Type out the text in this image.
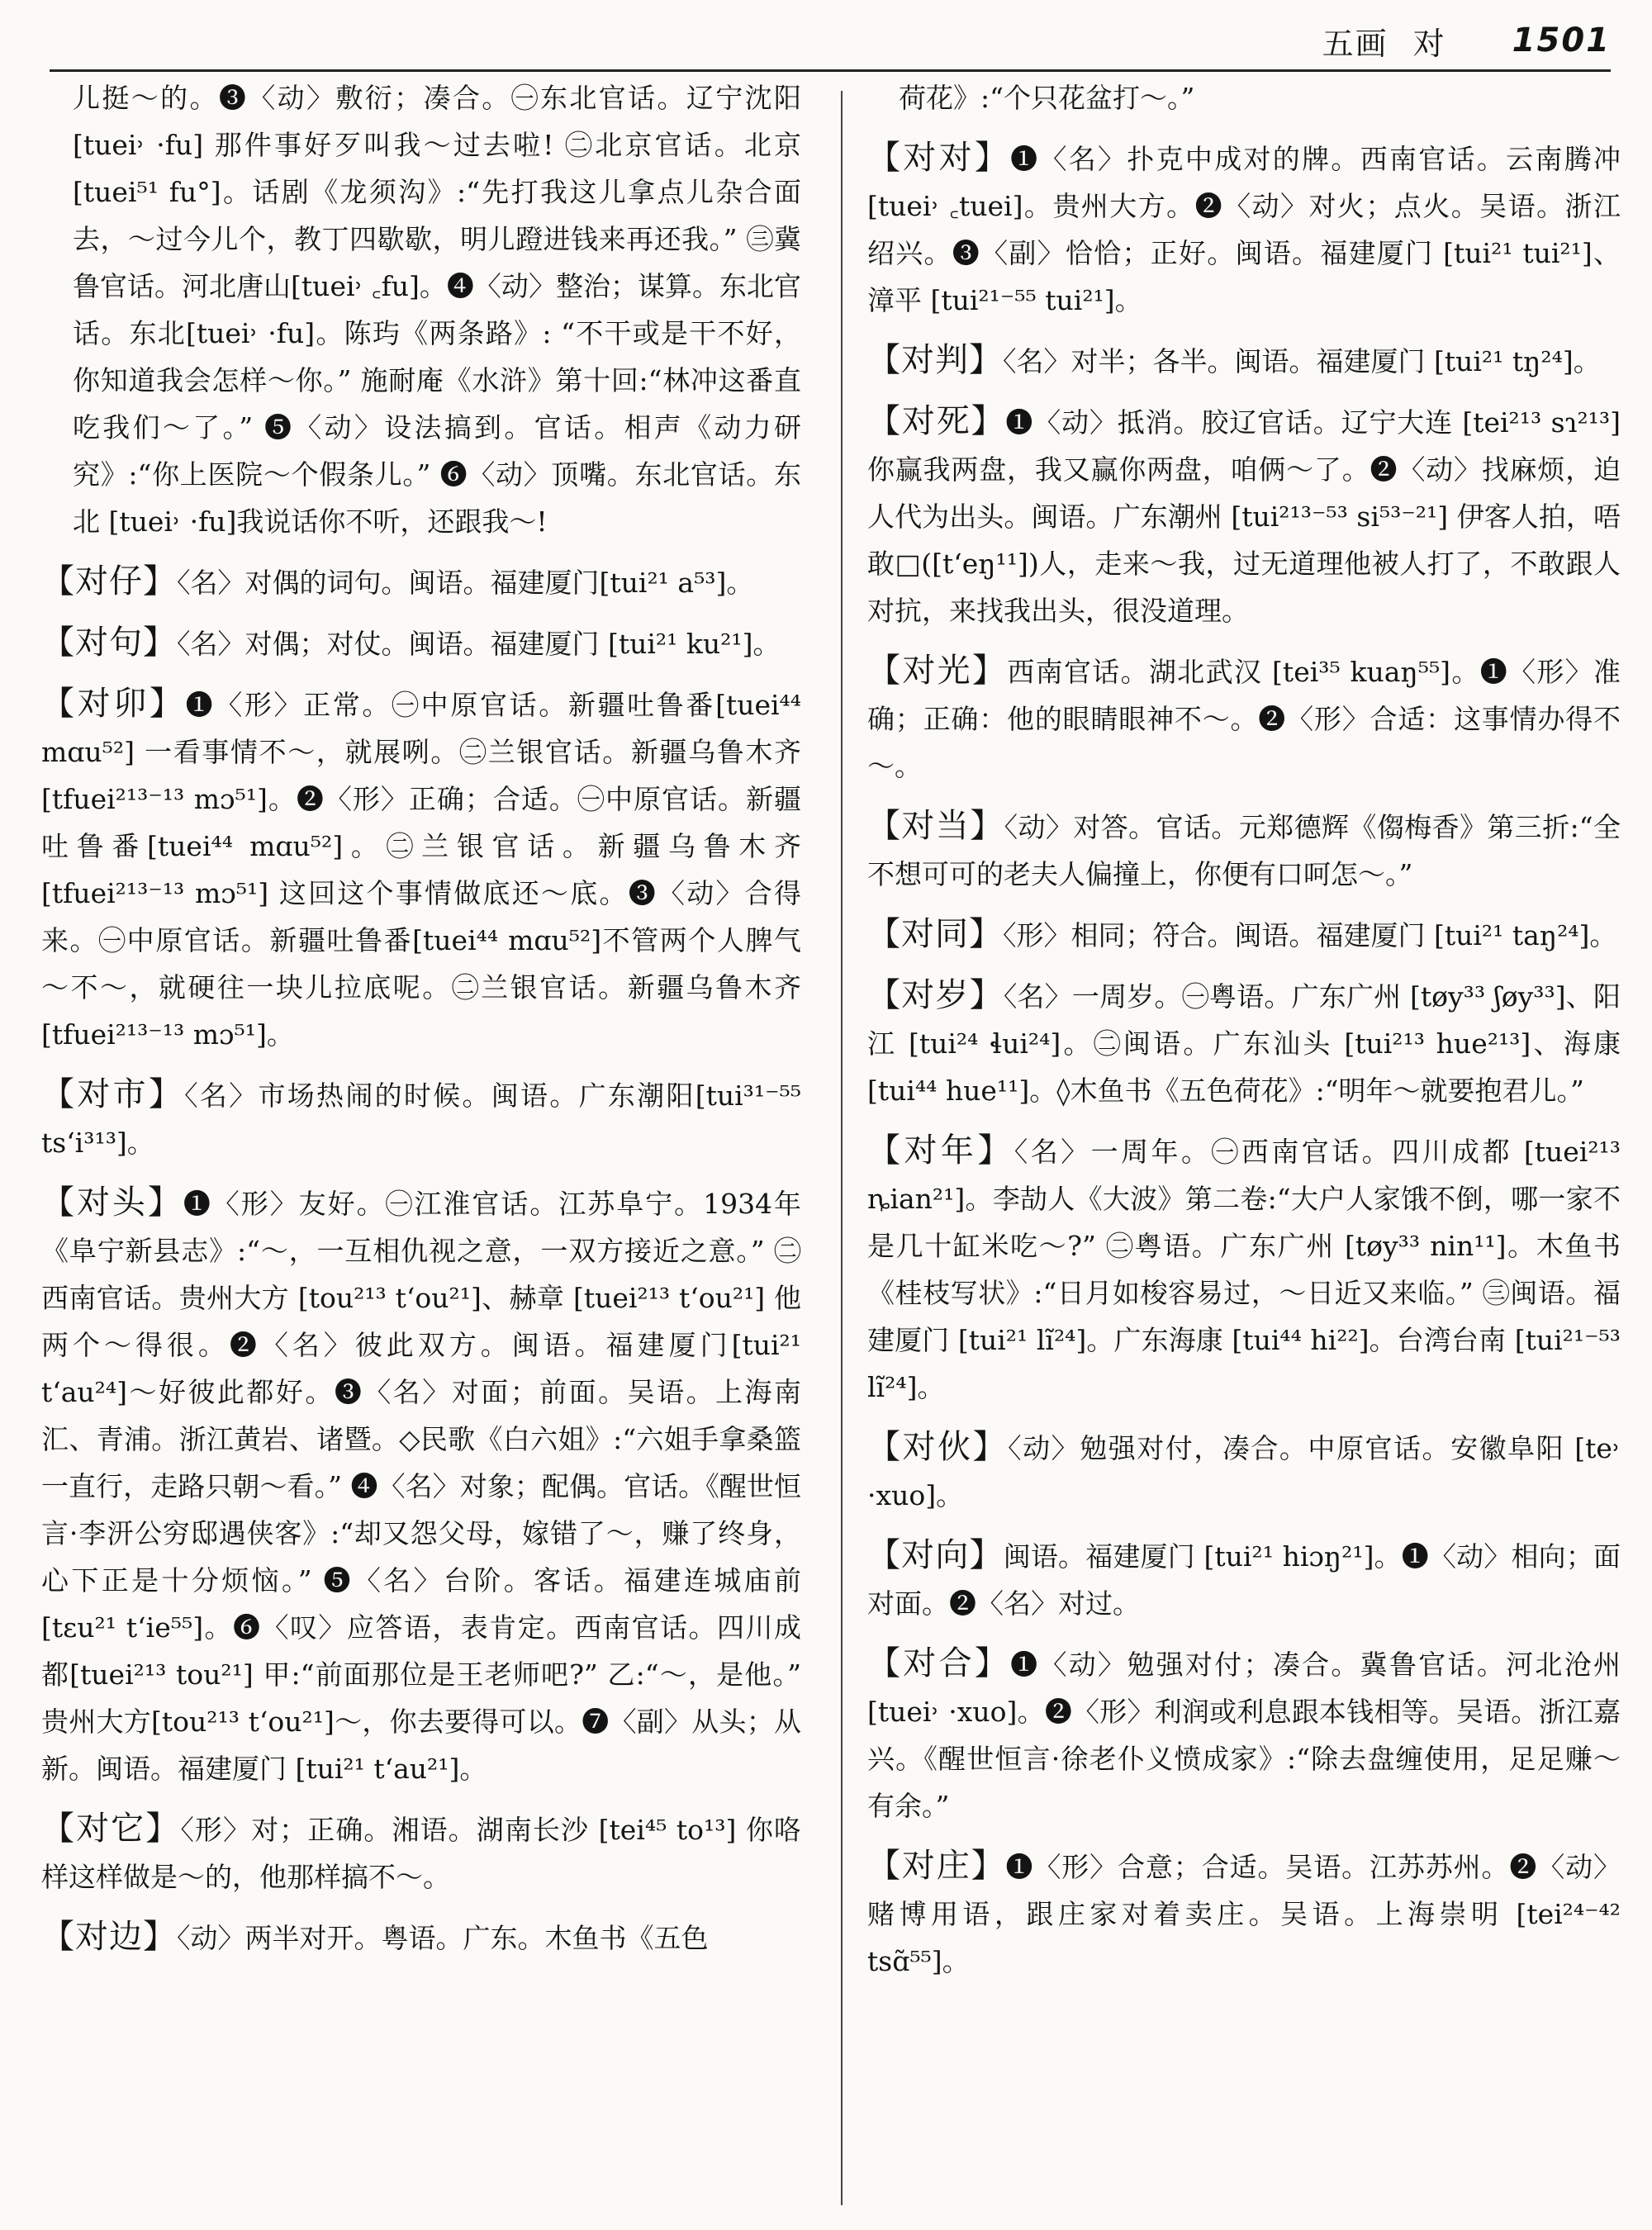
五画 对 1501

儿挺～的。❸〈动〉敷衍；凑合。㊀东北官话。辽宁沈阳[tuei˒ ·fu] 那件事好歹叫我～过去啦! ㊁北京官话。北京 [tuei⁵¹ fu°]。话剧《龙须沟》:“先打我这儿拿点儿杂合面去，～过今儿个，教丁四歇歇，明儿蹬进钱来再还我。” ㊂冀鲁官话。河北唐山[tuei˒ ꜀fu]。❹〈动〉整治；谋算。东北官话。东北[tuei˒ ·fu]。陈玙《两条路》: “不干或是干不好，你知道我会怎样～你。” 施耐庵《水浒》第十回:“林冲这番直吃我们～了。” ❺〈动〉设法搞到。官话。相声《动力研究》:“你上医院～个假条儿。” ❻〈动〉顶嘴。东北官话。东北 [tuei˒ ·fu]我说话你不听，还跟我～!

【对仔】〈名〉对偶的词句。闽语。福建厦门[tui²¹ a⁵³]。

【对句】〈名〉对偶；对仗。闽语。福建厦门 [tui²¹ ku²¹]。

【对卯】❶〈形〉正常。㊀中原官话。新疆吐鲁番[tuei⁴⁴ mɑu⁵²] 一看事情不～，就展咧。㊁兰银官话。新疆乌鲁木齐 [tfuei²¹³⁻¹³ mɔ⁵¹]。❷〈形〉正确；合适。㊀中原官话。新疆吐鲁番[tuei⁴⁴ mɑu⁵²]。㊁兰银官话。新疆乌鲁木齐 [tfuei²¹³⁻¹³ mɔ⁵¹] 这回这个事情做底还～底。❸〈动〉合得来。㊀中原官话。新疆吐鲁番[tuei⁴⁴ mɑu⁵²]不管两个人脾气～不～，就硬往一块儿拉底呢。㊁兰银官话。新疆乌鲁木齐 [tfuei²¹³⁻¹³ mɔ⁵¹]。

【对市】〈名〉市场热闹的时候。闽语。广东潮阳[tui³¹⁻⁵⁵ ts‘i³¹³]。

【对头】❶〈形〉友好。㊀江淮官话。江苏阜宁。1934年《阜宁新县志》:“～，一互相仇视之意，一双方接近之意。” ㊁西南官话。贵州大方 [tou²¹³ t‘ou²¹]、赫章 [tuei²¹³ t‘ou²¹] 他两个～得很。❷〈名〉彼此双方。闽语。福建厦门[tui²¹ t‘au²⁴]～好彼此都好。❸〈名〉对面；前面。吴语。上海南汇、青浦。浙江黄岩、诸暨。◇民歌《白六姐》:“六姐手拿桑篮一直行，走路只朝～看。” ❹〈名〉对象；配偶。官话。《醒世恒言·李汧公穷邸遇侠客》:“却又怨父母，嫁错了～，赚了终身，心下正是十分烦恼。” ❺〈名〉台阶。客话。福建连城庙前[tɛu²¹ t‘ie⁵⁵]。❻〈叹〉应答语，表肯定。西南官话。四川成都[tuei²¹³ tou²¹] 甲:“前面那位是王老师吧?” 乙:“～，是他。” 贵州大方[tou²¹³ t‘ou²¹]～，你去要得可以。❼〈副〉从头；从新。闽语。福建厦门 [tui²¹ t‘au²¹]。

【对它】〈形〉对；正确。湘语。湖南长沙 [tei⁴⁵ to¹³] 你咯样这样做是～的，他那样搞不～。

【对边】〈动〉两半对开。粤语。广东。木鱼书《五色

荷花》:“个只花盆打～。”

【对对】❶〈名〉扑克中成对的牌。西南官话。云南腾冲 [tuei˒ ꜀tuei]。贵州大方。❷〈动〉对火；点火。吴语。浙江绍兴。❸〈副〉恰恰；正好。闽语。福建厦门 [tui²¹ tui²¹]、漳平 [tui²¹⁻⁵⁵ tui²¹]。

【对判】〈名〉对半；各半。闽语。福建厦门 [tui²¹ tŋ²⁴]。

【对死】❶〈动〉抵消。胶辽官话。辽宁大连 [tei²¹³ sɿ²¹³] 你赢我两盘，我又赢你两盘，咱俩～了。❷〈动〉找麻烦，迫人代为出头。闽语。广东潮州 [tui²¹³⁻⁵³ si⁵³⁻²¹] 伊客人拍，唔敢□([t‘eŋ¹¹])人，走来～我，过无道理他被人打了，不敢跟人对抗，来找我出头，很没道理。

【对光】西南官话。湖北武汉 [tei³⁵ kuaŋ⁵⁵]。❶〈形〉准确；正确：他的眼睛眼神不～。❷〈形〉合适：这事情办得不～。

【对当】〈动〉对答。官话。元郑德辉《㑳梅香》第三折:“全不想可可的老夫人偏撞上，你便有口呵怎～。”

【对同】〈形〉相同；符合。闽语。福建厦门 [tui²¹ taŋ²⁴]。

【对岁】〈名〉一周岁。㊀粤语。广东广州 [tøy³³ ʃøy³³]、阳江 [tui²⁴ ɬui²⁴]。㊁闽语。广东汕头 [tui²¹³ hue²¹³]、海康 [tui⁴⁴ hue¹¹]。◊木鱼书《五色荷花》:“明年～就要抱君儿。”

【对年】〈名〉一周年。㊀西南官话。四川成都 [tuei²¹³ ȵian²¹]。李劼人《大波》第二卷:“大户人家饿不倒，哪一家不是几十缸米吃～?” ㊁粤语。广东广州 [tøy³³ nin¹¹]。木鱼书《桂枝写状》:“日月如梭容易过，～日近又来临。” ㊂闽语。福建厦门 [tui²¹ lĩ²⁴]。广东海康 [tui⁴⁴ hi²²]。台湾台南 [tui²¹⁻⁵³ lĩ²⁴]。

【对伙】〈动〉勉强对付，凑合。中原官话。安徽阜阳 [te˒ ·xuo]。

【对向】闽语。福建厦门 [tui²¹ hiɔŋ²¹]。❶〈动〉相向；面对面。❷〈名〉对过。

【对合】❶〈动〉勉强对付；凑合。冀鲁官话。河北沧州[tuei˒ ·xuo]。❷〈形〉利润或利息跟本钱相等。吴语。浙江嘉兴。《醒世恒言·徐老仆义愤成家》:“除去盘缠使用，足足赚～有余。”

【对庄】❶〈形〉合意；合适。吴语。江苏苏州。❷〈动〉赌博用语，跟庄家对着卖庄。吴语。上海崇明 [tei²⁴⁻⁴² tsɑ̃⁵⁵]。
